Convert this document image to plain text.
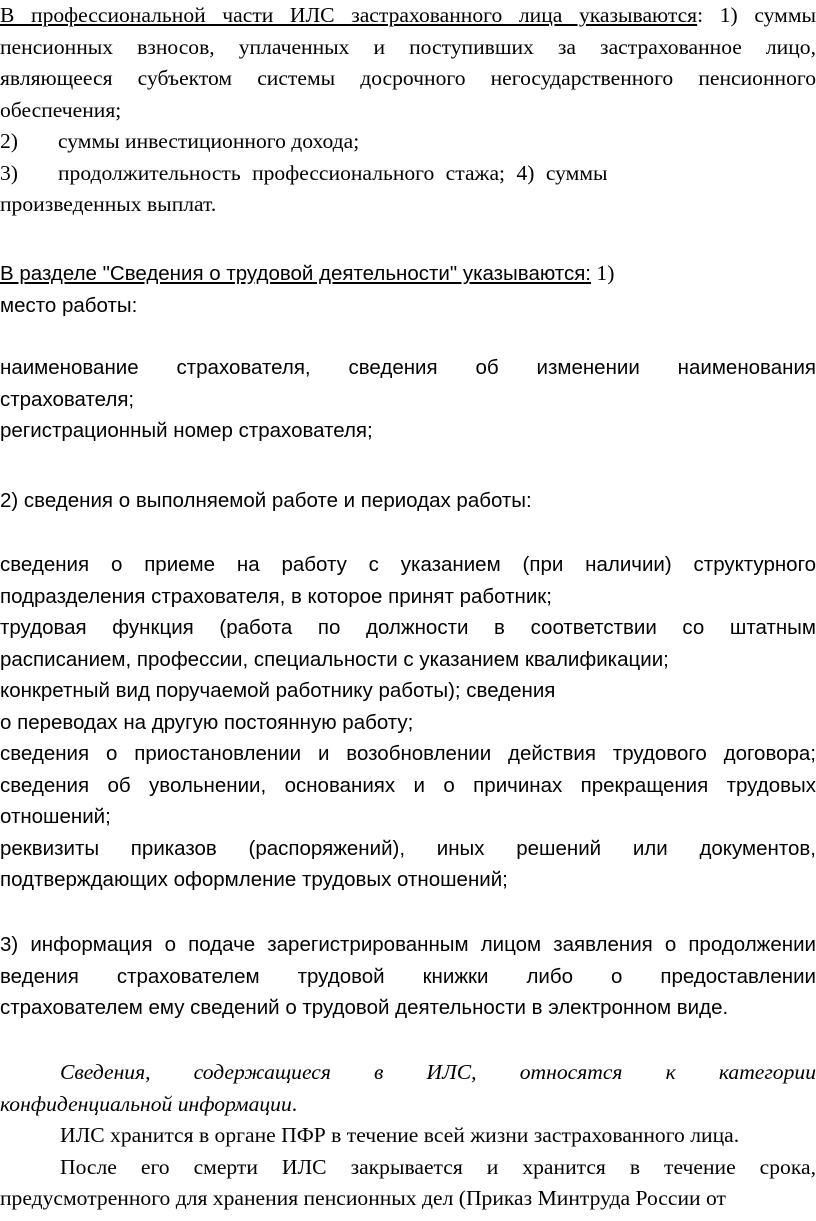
В профессиональной части ИЛС застрахованного лица указываются: 1) суммы
пенсионных взносов, уплаченных и поступивших за застрахованное лицо,
являющееся субъектом системы досрочного негосударственного пенсионного
обеспечения;
2) суммы инвестиционного дохода;
3) продолжительность профессионального стажа; 4) суммы
произведенных выплат.
В разделе "Сведения о трудовой деятельности" указываются: 1)
место работы:
наименование страхователя, сведения об изменении наименования
страхователя;
регистрационный номер страхователя;
2) сведения о выполняемой работе и периодах работы:
сведения о приеме на работу с указанием (при наличии) структурного
подразделения страхователя, в которое принят работник;
трудовая функция (работа по должности в соответствии со штатным
расписанием, профессии, специальности с указанием квалификации;
конкретный вид поручаемой работнику работы); сведения
о переводах на другую постоянную работу;
сведения о приостановлении и возобновлении действия трудового договора;
сведения об увольнении, основаниях и о причинах прекращения трудовых
отношений;
реквизиты приказов (распоряжений), иных решений или документов,
подтверждающих оформление трудовых отношений;
3) информация о подаче зарегистрированным лицом заявления о продолжении
ведения страхователем трудовой книжки либо о предоставлении
страхователем ему сведений о трудовой деятельности в электронном виде.
Сведения, содержащиеся в ИЛС, относятся к категории
конфиденциальной информации.
ИЛС хранится в органе ПФР в течение всей жизни застрахованного лица.
После его смерти ИЛС закрывается и хранится в течение срока,
предусмотренного для хранения пенсионных дел (Приказ Минтруда России от
